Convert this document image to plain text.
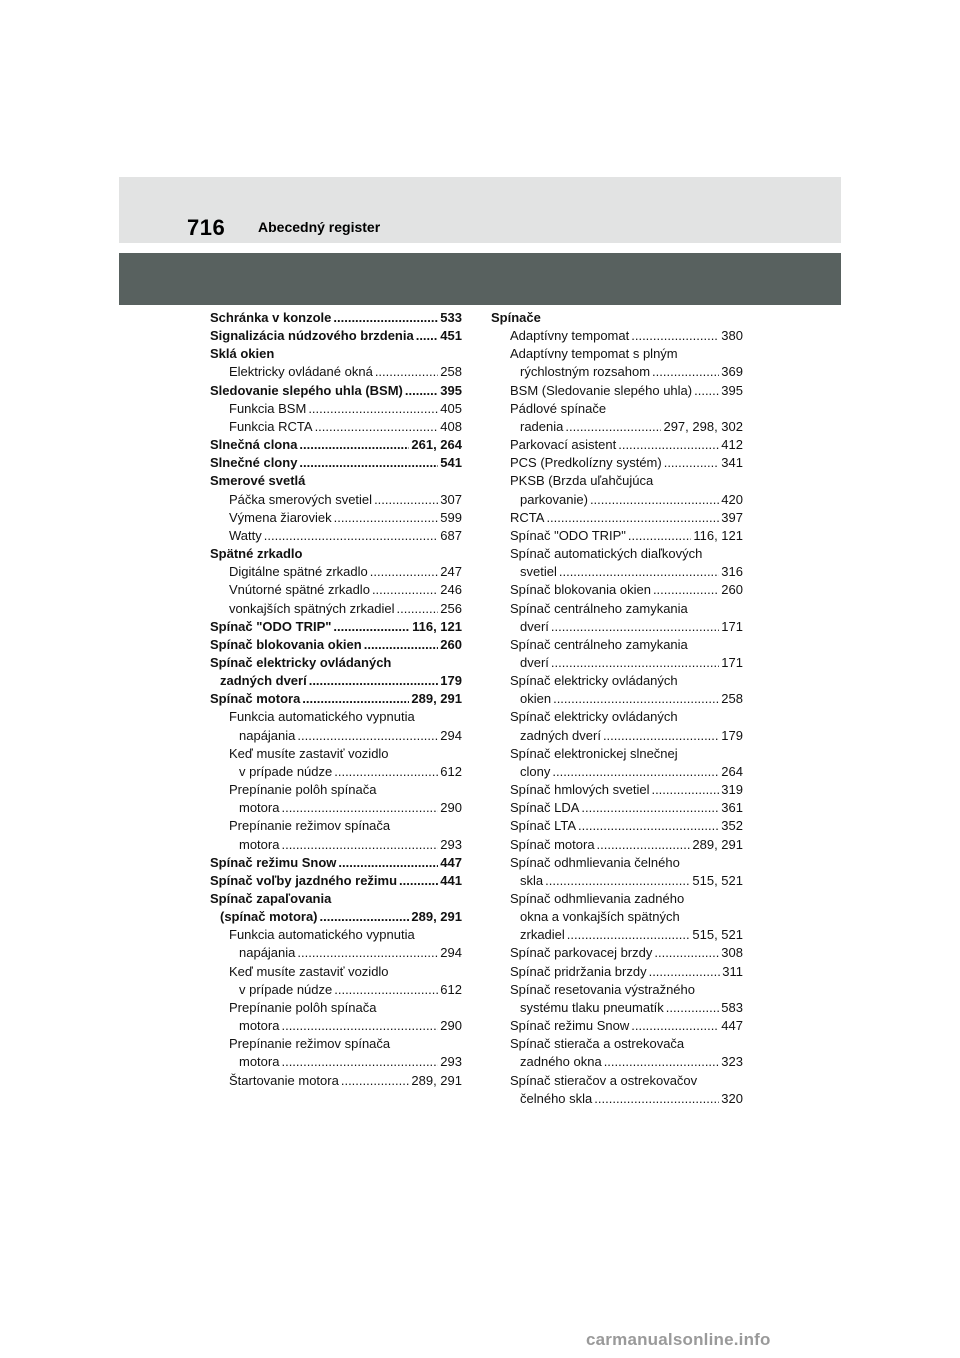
716 Abecedný register
Schránka v konzole .....	533
Signalizácia núdzového brzdenia ..... 451
Sklá okien
Elektricky ovládané okná .....	258
Sledovanie slepého uhla (BSM) .....	395
Funkcia BSM .....	405
Funkcia RCTA .....	408
Slnečná clona .....	261, 264
Slnečné clony .....	541
Smerové svetlá
Páčka smerových svetiel .....	307
Výmena žiaroviek .....	599
Watty .....	687
Spätné zrkadlo
Digitálne spätné zrkadlo .....	247
Vnútorné spätné zrkadlo .....	246
vonkajších spätných zrkadiel .....	256
Spínač "ODO TRIP" .....	116, 121
Spínač blokovania okien .....	260
Spínač elektricky ovládaných
zadných dverí .....	179
Spínač motora .....	289, 291
Funkcia automatického vypnutia
napájania .....	294
Keď musíte zastaviť vozidlo
v prípade núdze .....	612
Prepínanie polôh spínača
motora .....	290
Prepínanie režimov spínača
motora .....	293
Spínač režimu Snow .....	447
Spínač voľby jazdného režimu .....	441
Spínač zapaľovania
(spínač motora) .....	289, 291
Funkcia automatického vypnutia
napájania .....	294
Keď musíte zastaviť vozidlo
v prípade núdze .....	612
Prepínanie polôh spínača
motora .....	290
Prepínanie režimov spínača
motora .....	293
Štartovanie motora .....	289, 291
Spínače
Adaptívny tempomat .....	380
Adaptívny tempomat s plným
rýchlostným rozsahom .....	369
BSM (Sledovanie slepého uhla) ..... 395
Pádlové spínače
radenia .....	297, 298, 302
Parkovací asistent .....	412
PCS (Predkolízny systém) .....	341
PKSB (Brzda uľahčujúca
parkovanie) .....	420
RCTA .....	397
Spínač "ODO TRIP" .....	116, 121
Spínač automatických diaľkových
svetiel .....	316
Spínač blokovania okien .....	260
Spínač centrálneho zamykania
dverí .....	171
Spínač centrálneho zamykania
dverí .....	171
Spínač elektricky ovládaných
okien .....	258
Spínač elektricky ovládaných
zadných dverí .....	179
Spínač elektronickej slnečnej
clony .....	264
Spínač hmlových svetiel .....	319
Spínač LDA .....	361
Spínač LTA .....	352
Spínač motora .....	289, 291
Spínač odhmlievania čelného
skla .....	515, 521
Spínač odhmlievania zadného
okna a vonkajších spätných
zrkadiel .....	515, 521
Spínač parkovacej brzdy .....	308
Spínač pridržania brzdy .....	311
Spínač resetovania výstražného
systému tlaku pneumatík .....	583
Spínač režimu Snow .....	447
Spínač stierača a ostrekovača
zadného okna .....	323
Spínač stieračov a ostrekovačov
čelného skla .....	320
carmanualsonline.info
